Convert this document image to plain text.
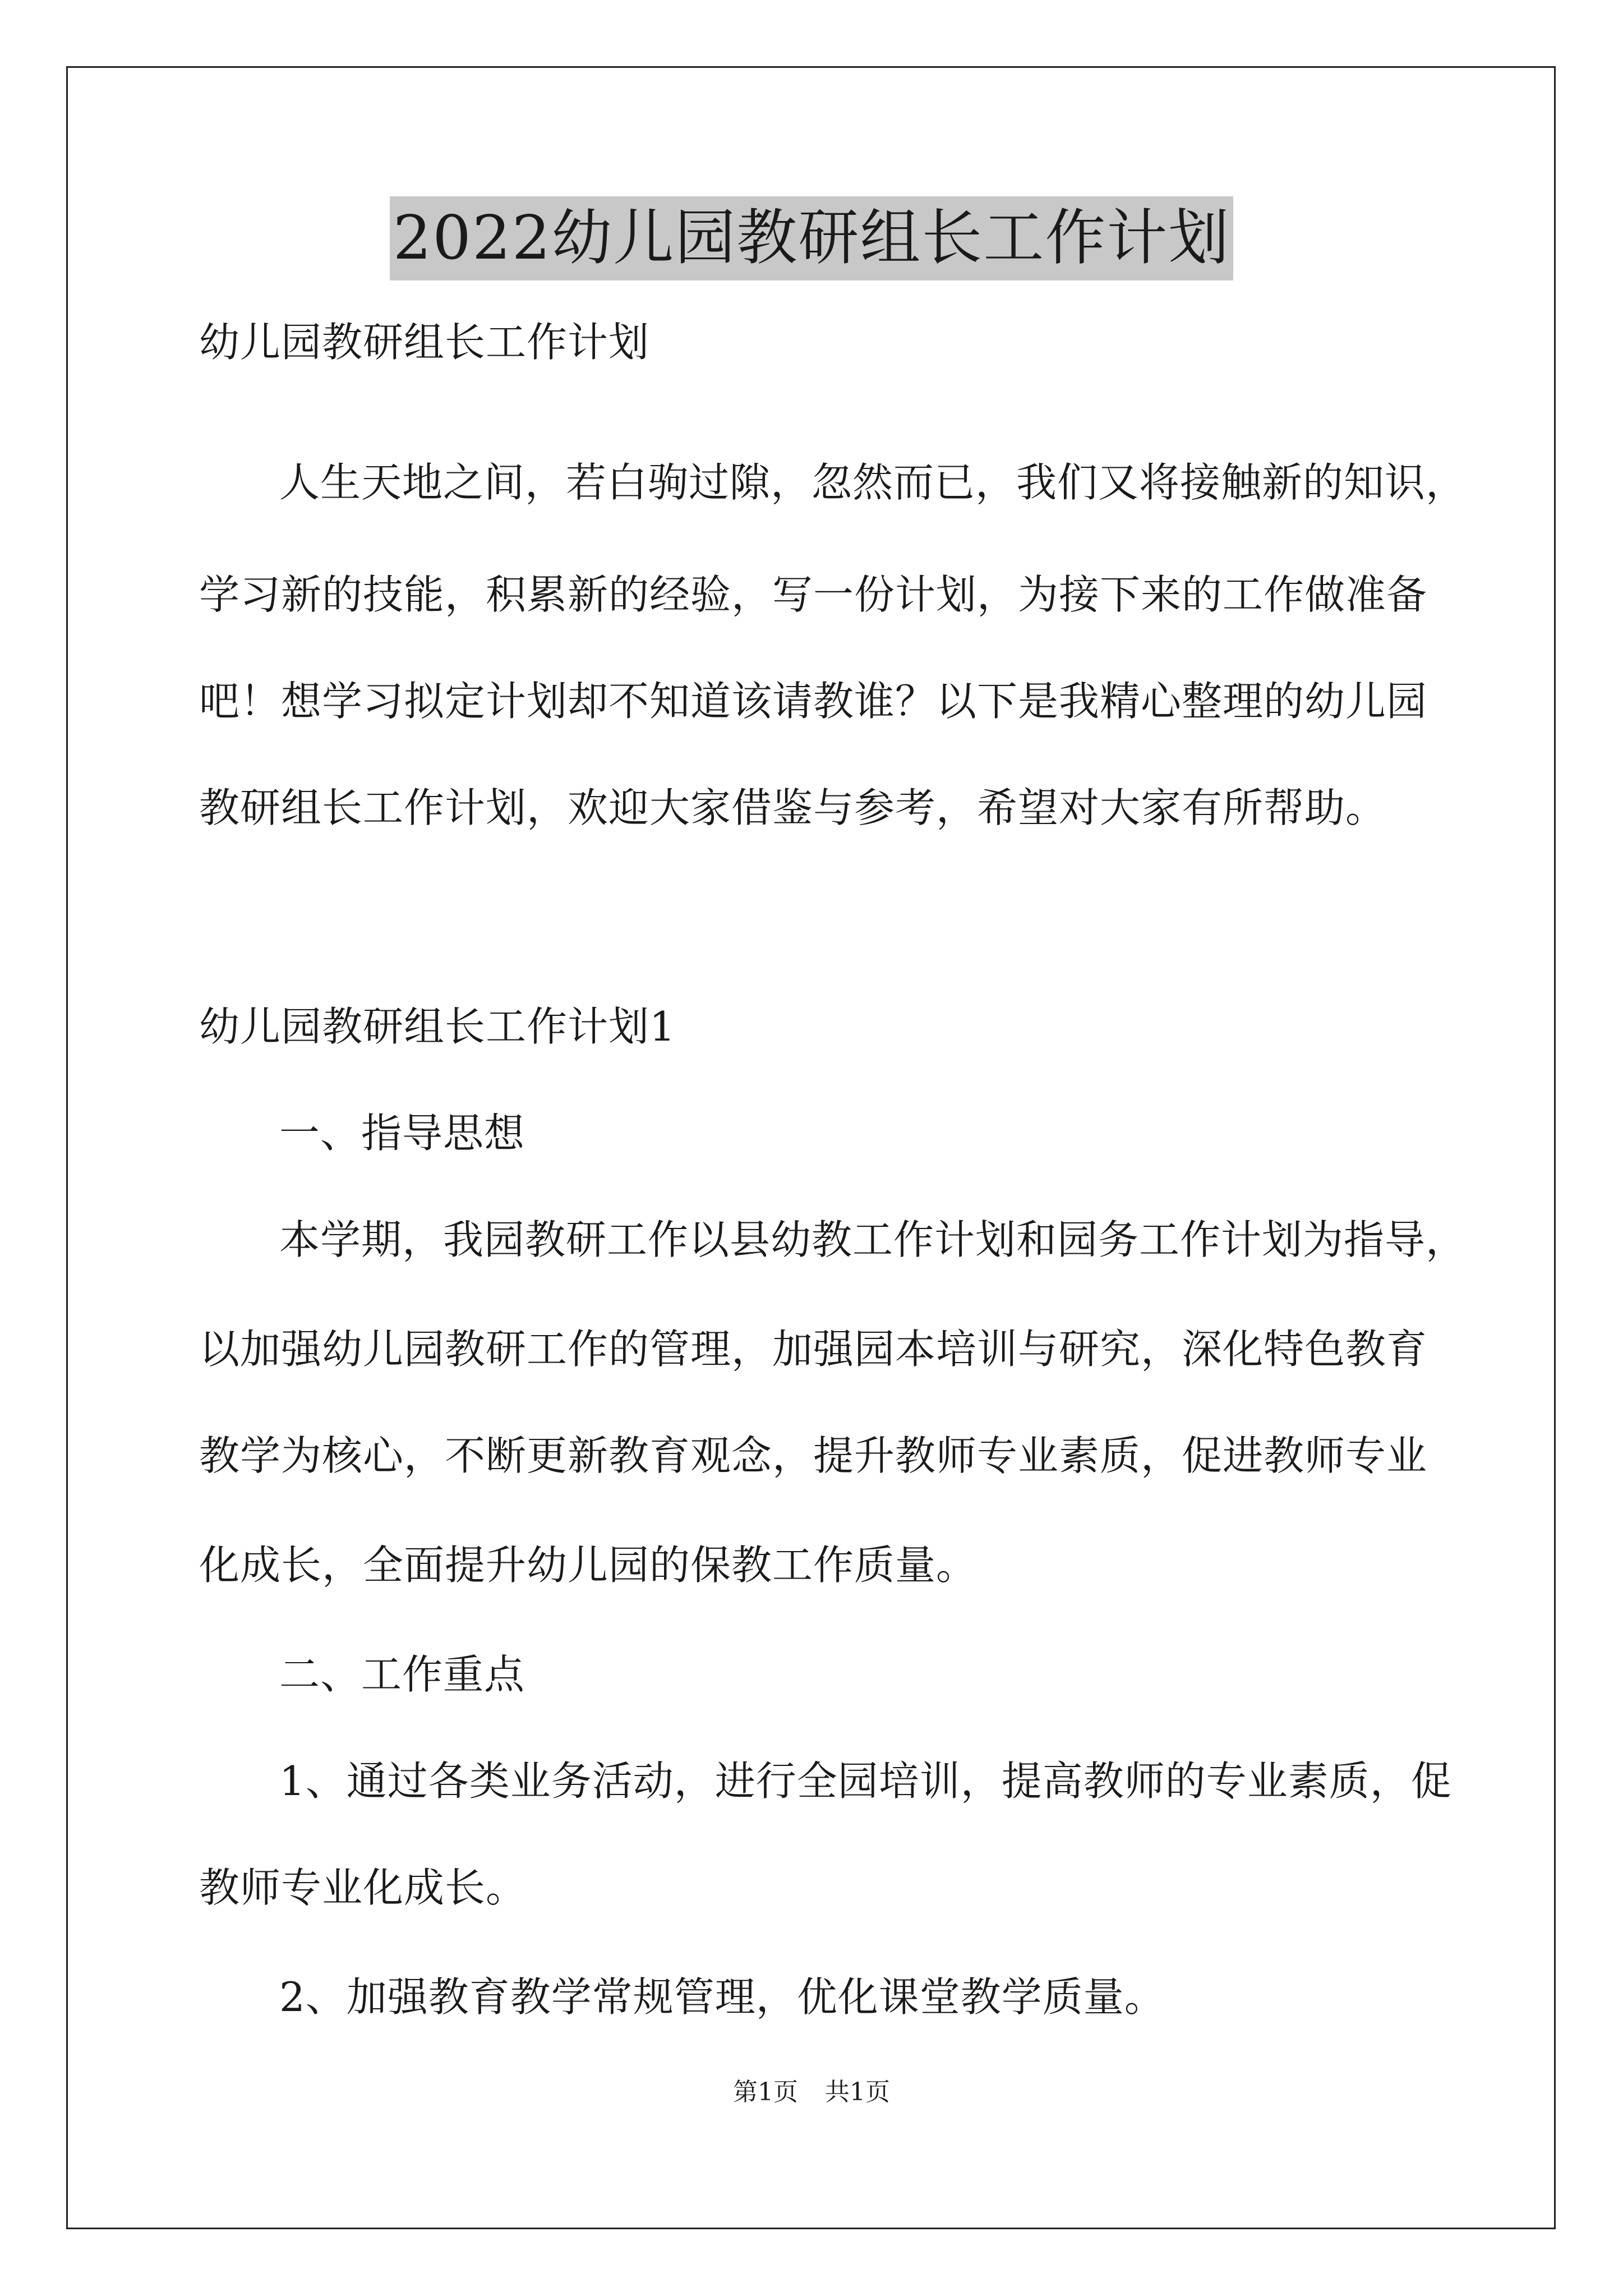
2022幼儿园教研组长工作计划
幼儿园教研组长工作计划
人生天地之间，若白驹过隙，忽然而已，我们又将接触新的知识，
学习新的技能，积累新的经验，写一份计划，为接下来的工作做准备
吧！想学习拟定计划却不知道该请教谁？以下是我精心整理的幼儿园
教研组长工作计划，欢迎大家借鉴与参考，希望对大家有所帮助。
幼儿园教研组长工作计划1
一、指导思想
本学期，我园教研工作以县幼教工作计划和园务工作计划为指导，
以加强幼儿园教研工作的管理，加强园本培训与研究，深化特色教育
教学为核心，不断更新教育观念，提升教师专业素质，促进教师专业
化成长，全面提升幼儿园的保教工作质量。
二、工作重点
1、通过各类业务活动，进行全园培训，提高教师的专业素质，促
教师专业化成长。
2、加强教育教学常规管理，优化课堂教学质量。
第1页 共1页
